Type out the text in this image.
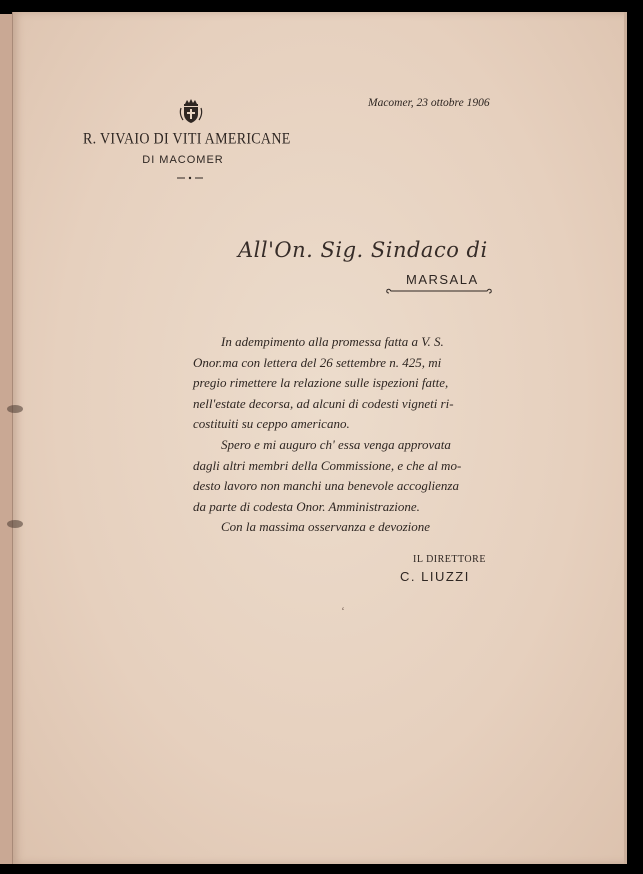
R. VIVAIO DI VITI AMERICANE
DI MACOMER
Macomer, 23 ottobre 1906
All'On. Sig. Sindaco di
MARSALA

In adempimento alla promessa fatta a V. S.
Onor.ma con lettera del 26 settembre n. 425, mi
pregio rimettere la relazione sulle ispezioni fatte,
nell'estate decorsa, ad alcuni di codesti vigneti ri-
costituiti su ceppo americano.

Spero e mi auguro ch' essa venga approvata
dagli altri membri della Commissione, e che al mo-
desto lavoro non manchi una benevole accoglienza
da parte di codesta Onor. Amministrazione.

Con la massima osservanza e devozione

IL DIRETTORE
C. LIUZZI
ʻ
